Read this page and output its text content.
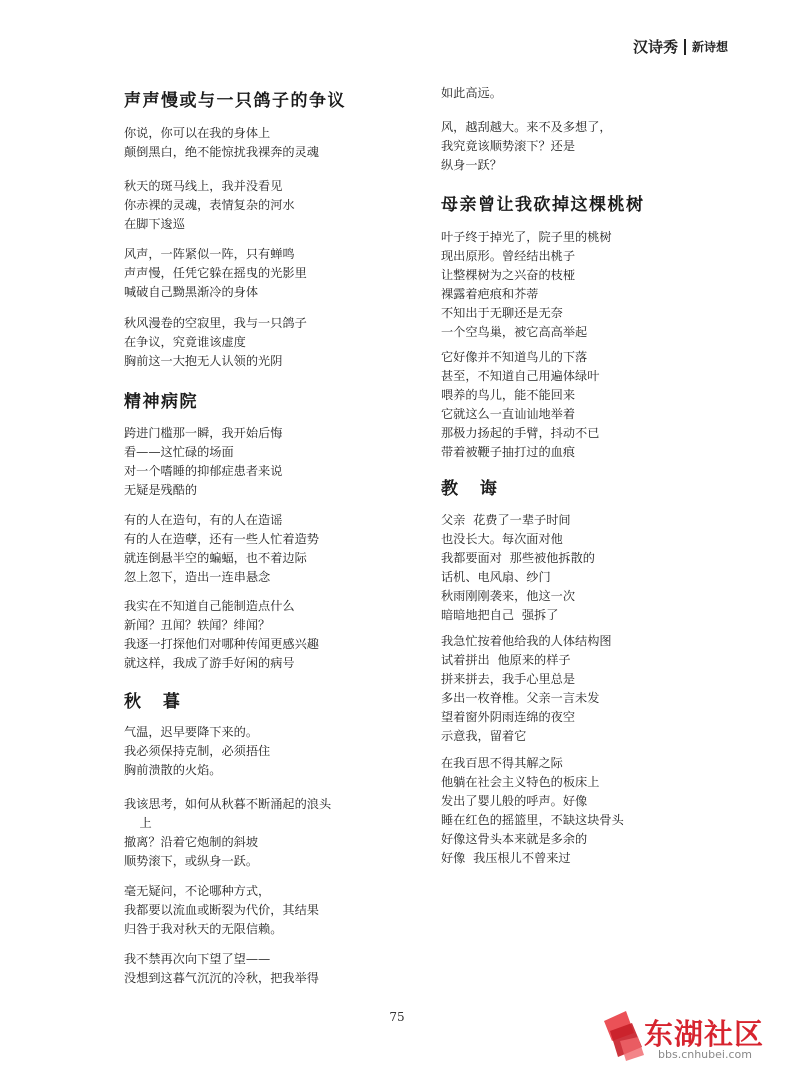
汉诗秀 新诗想
声声慢或与一只鸽子的争议

你说，你可以在我的身体上
颠倒黑白，绝不能惊扰我裸奔的灵魂

秋天的斑马线上，我并没看见
你赤裸的灵魂，表情复杂的河水
在脚下逡巡

风声，一阵紧似一阵，只有蝉鸣
声声慢，任凭它躲在摇曳的光影里
喊破自己黝黑渐冷的身体

秋风漫卷的空寂里，我与一只鸽子
在争议，究竟谁该虚度
胸前这一大抱无人认领的光阴

精神病院

跨进门槛那一瞬，我开始后悔
看——这忙碌的场面
对一个嗜睡的抑郁症患者来说
无疑是残酷的

有的人在造句，有的人在造谣
有的人在造孽，还有一些人忙着造势
就连倒悬半空的蝙蝠，也不着边际
忽上忽下，造出一连串悬念

我实在不知道自己能制造点什么
新闻？丑闻？轶闻？绯闻？
我逐一打探他们对哪种传闻更感兴趣
就这样，我成了游手好闲的病号

秋 暮

气温，迟早要降下来的。
我必须保持克制，必须捂住
胸前溃散的火焰。

我该思考，如何从秋暮不断涌起的浪头
上
撤离？沿着它炮制的斜坡
顺势滚下，或纵身一跃。

毫无疑问，不论哪种方式，
我都要以流血或断裂为代价，其结果
归咎于我对秋天的无限信赖。

我不禁再次向下望了望——
没想到这暮气沉沉的冷秋，把我举得

如此高远。

风，越刮越大。来不及多想了，
我究竟该顺势滚下？还是
纵身一跃？

母亲曾让我砍掉这棵桃树

叶子终于掉光了，院子里的桃树
现出原形。曾经结出桃子
让整棵树为之兴奋的枝桠
裸露着疤痕和芥蒂
不知出于无聊还是无奈
一个空鸟巢，被它高高举起

它好像并不知道鸟儿的下落
甚至，不知道自己用遍体绿叶
喂养的鸟儿，能不能回来
它就这么一直讪讪地举着
那极力扬起的手臂，抖动不已
带着被鞭子抽打过的血痕

教 诲

父亲  花费了一辈子时间
也没长大。每次面对他
我都要面对  那些被他拆散的
话机、电风扇、纱门
秋雨刚刚袭来，他这一次
暗暗地把自己  强拆了

我急忙按着他给我的人体结构图
试着拼出  他原来的样子
拼来拼去，我手心里总是
多出一枚脊椎。父亲一言未发
望着窗外阴雨连绵的夜空
示意我，留着它

在我百思不得其解之际
他躺在社会主义特色的板床上
发出了婴儿般的呼声。好像
睡在红色的摇篮里，不缺这块骨头
好像这骨头本来就是多余的
好像  我压根儿不曾来过

75	东湖社区
bbs.cnhubei.com
